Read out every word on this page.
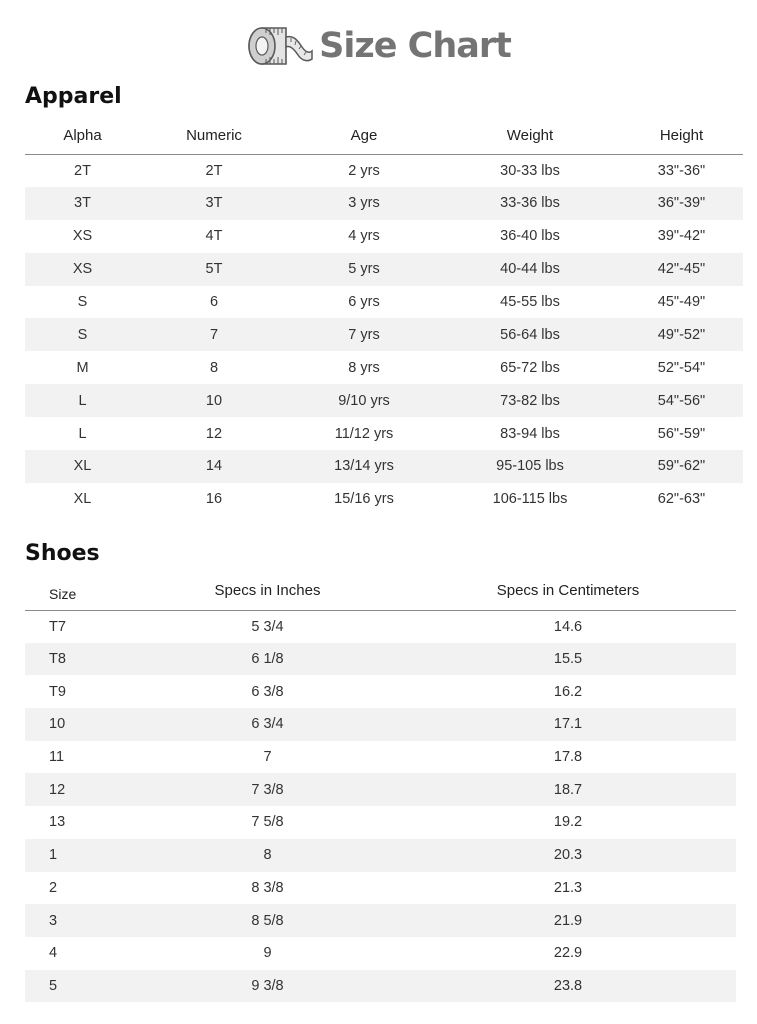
Size Chart
Apparel
Alpha	Numeric	Age	Weight	Height
2T	2T	2 yrs	30-33 lbs	33"-36"
3T	3T	3 yrs	33-36 lbs	36"-39"
XS	4T	4 yrs	36-40 lbs	39"-42"
XS	5T	5 yrs	40-44 lbs	42"-45"
S	6	6 yrs	45-55 lbs	45"-49"
S	7	7 yrs	56-64 lbs	49"-52"
M	8	8 yrs	65-72 lbs	52"-54"
L	10	9/10 yrs	73-82 lbs	54"-56"
L	12	11/12 yrs	83-94 lbs	56"-59"
XL	14	13/14 yrs	95-105 lbs	59"-62"
XL	16	15/16 yrs	106-115 lbs	62"-63"
Shoes
Size	Specs in Inches	Specs in Centimeters
T7	5 3/4	14.6
T8	6 1/8	15.5
T9	6 3/8	16.2
10	6 3/4	17.1
11	7	17.8
12	7 3/8	18.7
13	7 5/8	19.2
1	8	20.3
2	8 3/8	21.3
3	8 5/8	21.9
4	9	22.9
5	9 3/8	23.8
